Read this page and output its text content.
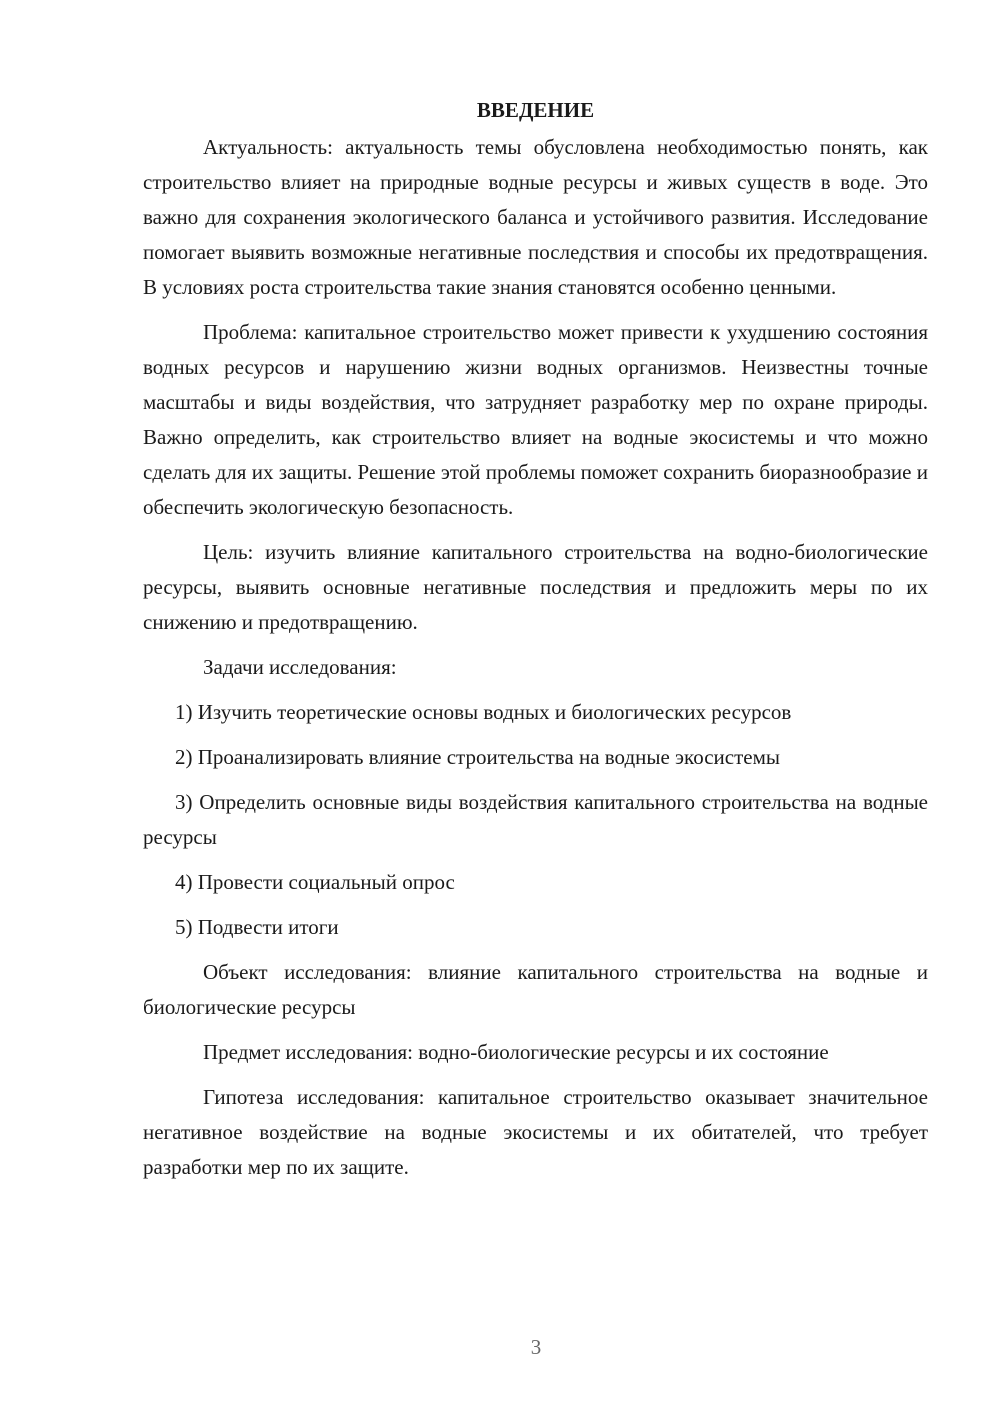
ВВЕДЕНИЕ

Актуальность: актуальность темы обусловлена необходимостью понять, как строительство влияет на природные водные ресурсы и живых существ в воде. Это важно для сохранения экологического баланса и устойчивого развития. Исследование помогает выявить возможные негативные последствия и способы их предотвращения. В условиях роста строительства такие знания становятся особенно ценными.

Проблема: капитальное строительство может привести к ухудшению состояния водных ресурсов и нарушению жизни водных организмов. Неизвестны точные масштабы и виды воздействия, что затрудняет разработку мер по охране природы. Важно определить, как строительство влияет на водные экосистемы и что можно сделать для их защиты. Решение этой проблемы поможет сохранить биоразнообразие и обеспечить экологическую безопасность.

Цель: изучить влияние капитального строительства на водно-биологические ресурсы, выявить основные негативные последствия и предложить меры по их снижению и предотвращению.

Задачи исследования:

1) Изучить теоретические основы водных и биологических ресурсов

2) Проанализировать влияние строительства на водные экосистемы

3) Определить основные виды воздействия капитального строительства на водные ресурсы

4) Провести социальный опрос

5) Подвести итоги

Объект исследования: влияние капитального строительства на водные и биологические ресурсы

Предмет исследования: водно-биологические ресурсы и их состояние

Гипотеза исследования: капитальное строительство оказывает значительное негативное воздействие на водные экосистемы и их обитателей, что требует разработки мер по их защите.

3
